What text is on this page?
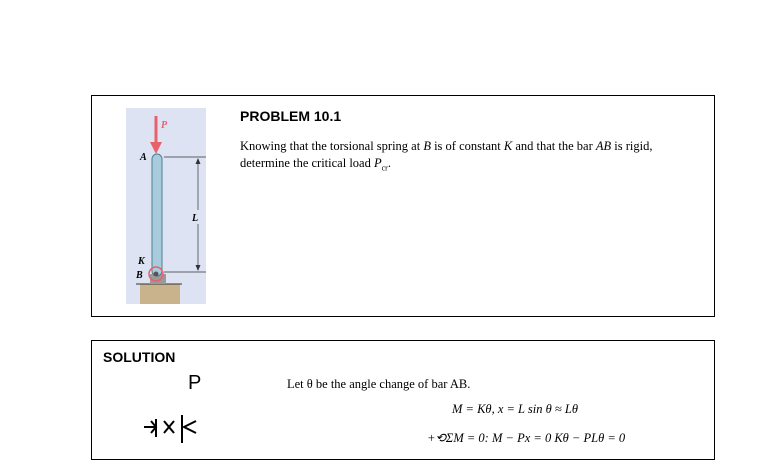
P
A
L
K
B
PROBLEM 10.1
Knowing that the torsional spring at B is of constant K and that the bar AB is rigid, determine the critical load $P_{cr}$.
SOLUTION
P	Let θ be the angle change of bar AB.
M = Kθ, x = L sin θ ≈ Lθ
+⟲ΣM = 0: M − Px = 0 Kθ − PLθ = 0
